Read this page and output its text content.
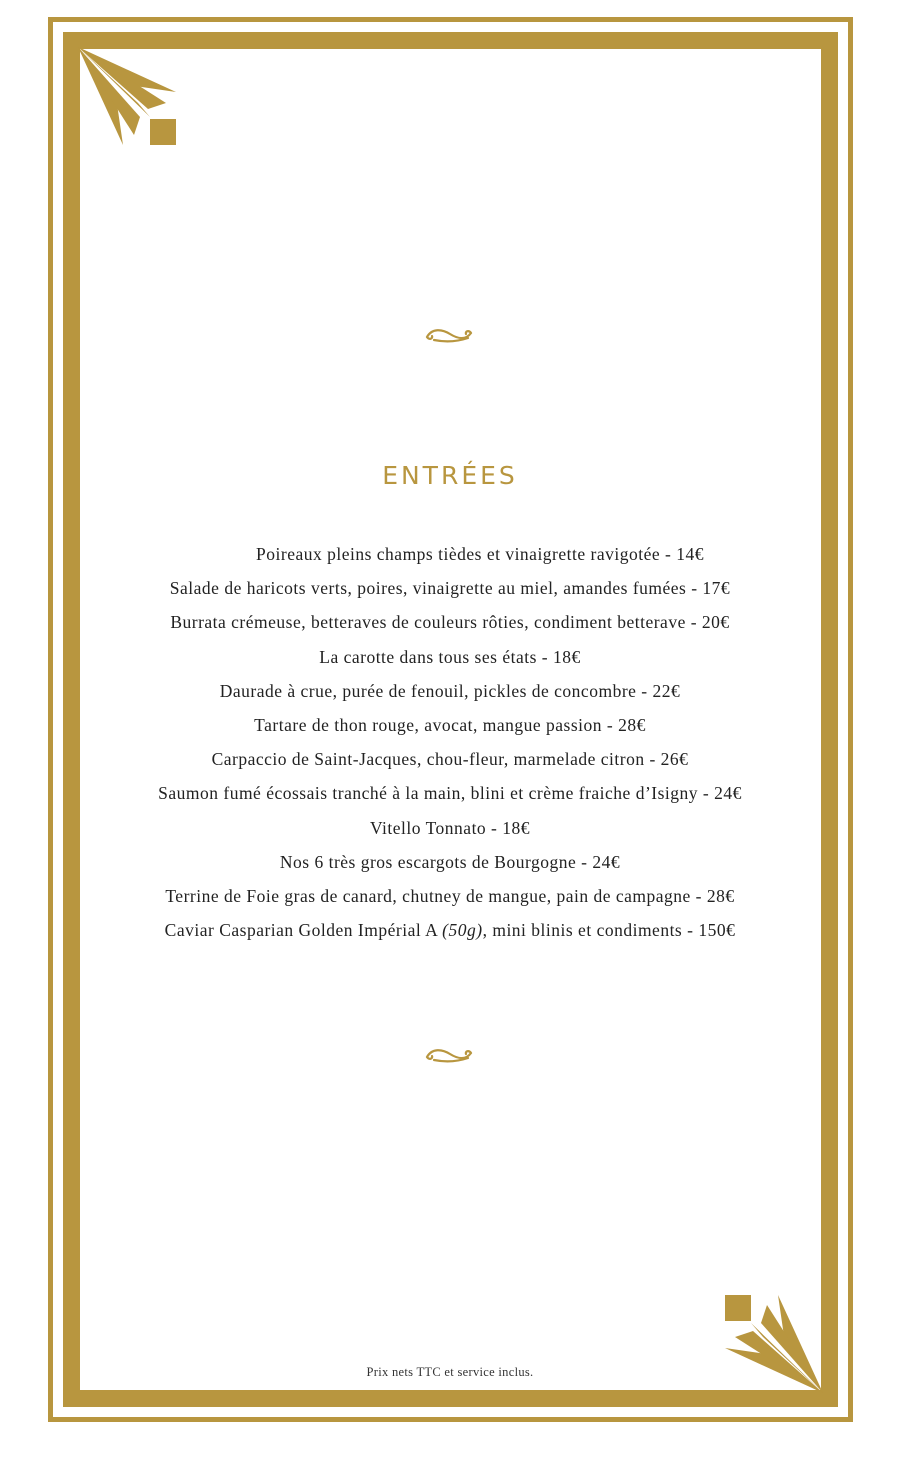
ENTRÉES
Poireaux pleins champs tièdes et vinaigrette ravigotée - 14€
Salade de haricots verts, poires, vinaigrette au miel, amandes fumées - 17€
Burrata crémeuse, betteraves de couleurs rôties, condiment betterave - 20€
La carotte dans tous ses états - 18€
Daurade à crue, purée de fenouil, pickles de concombre - 22€
Tartare de thon rouge, avocat, mangue passion - 28€
Carpaccio de Saint-Jacques, chou-fleur, marmelade citron - 26€
Saumon fumé écossais tranché à la main, blini et crème fraiche d’Isigny - 24€
Vitello Tonnato - 18€
Nos 6 très gros escargots de Bourgogne - 24€
Terrine de Foie gras de canard, chutney de mangue, pain de campagne - 28€
Caviar Casparian Golden Impérial A (50g), mini blinis et condiments - 150€

Prix nets TTC et service inclus.
